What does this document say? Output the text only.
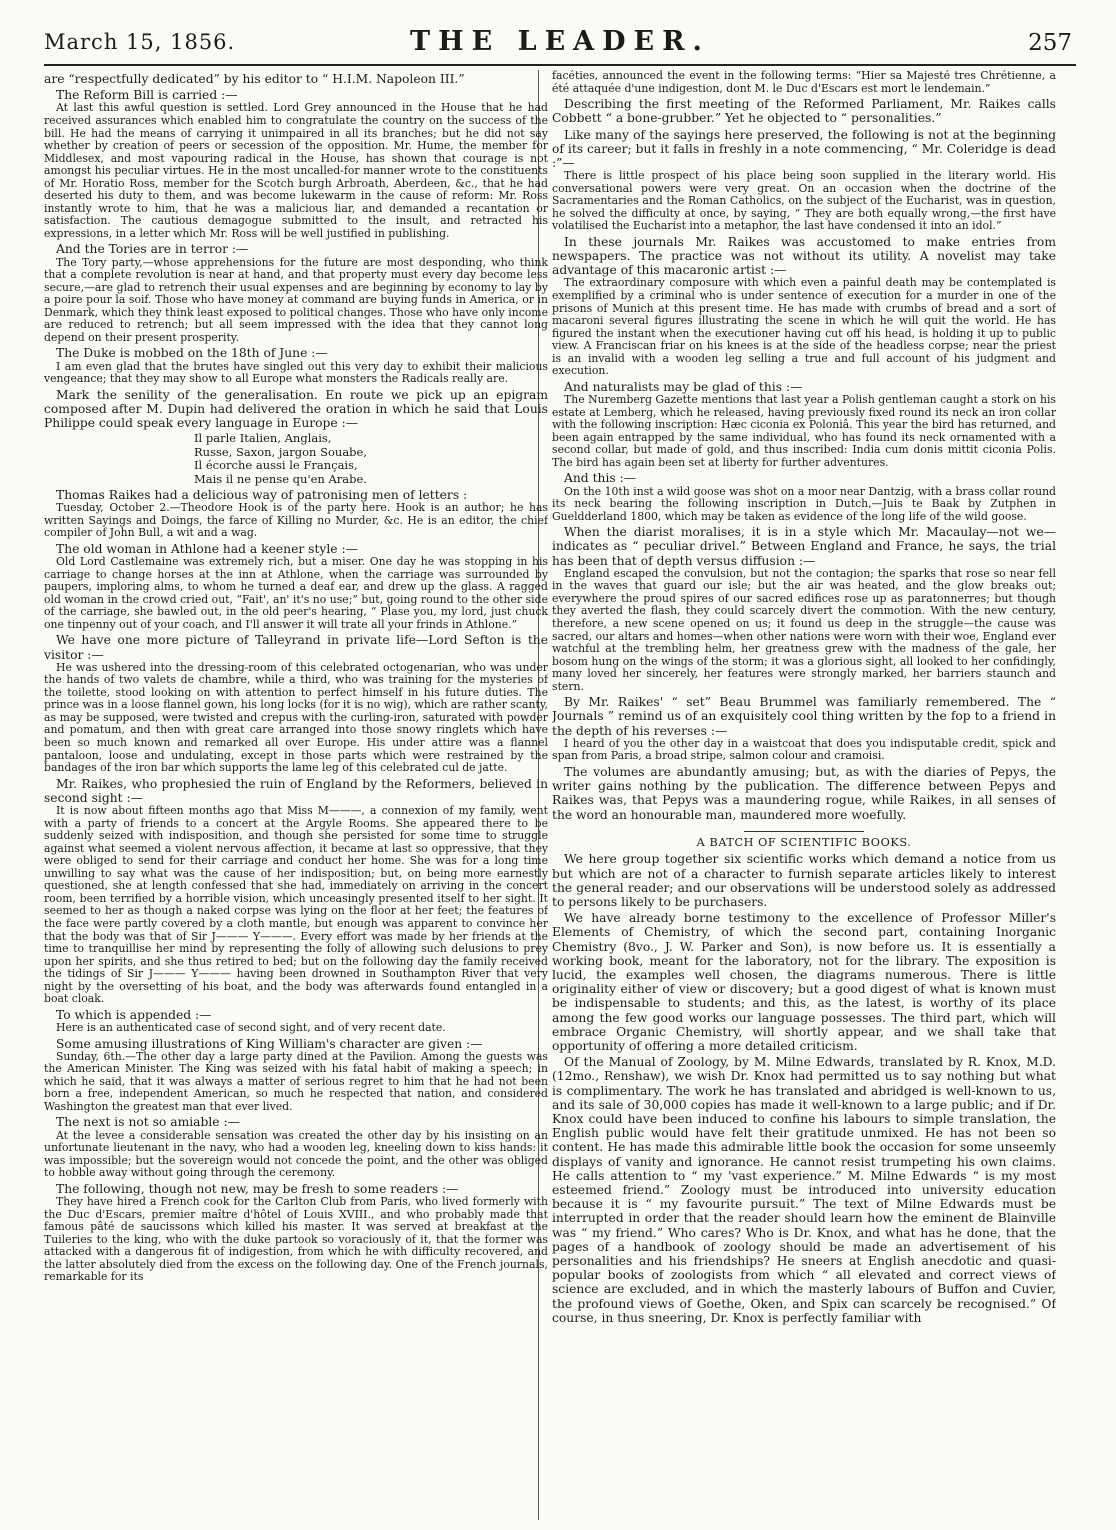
March 15, 1856.	THE LEADER.	257

are “respectfully dedicated” by his editor to “ H.I.M. Napoleon III.”

The Reform Bill is carried :—

At last this awful question is settled. Lord Grey announced in the House that he had received assurances which enabled him to congratulate the country on the success of the bill. He had the means of carrying it unimpaired in all its branches; but he did not say whether by creation of peers or secession of the opposition. Mr. Hume, the member for Middlesex, and most vapouring radical in the House, has shown that courage is not amongst his peculiar virtues. He in the most uncalled-for manner wrote to the constituents of Mr. Horatio Ross, member for the Scotch burgh Arbroath, Aberdeen, &c., that he had deserted his duty to them, and was become lukewarm in the cause of reform: Mr. Ross instantly wrote to him, that he was a malicious liar, and demanded a recantation or satisfaction. The cautious demagogue submitted to the insult, and retracted his expressions, in a letter which Mr. Ross will be well justified in publishing.

And the Tories are in terror :—

The Tory party,—whose apprehensions for the future are most desponding, who think that a complete revolution is near at hand, and that property must every day become less secure,—are glad to retrench their usual expenses and are beginning by economy to lay by a poire pour la soif. Those who have money at command are buying funds in America, or in Denmark, which they think least exposed to political changes. Those who have only income are reduced to retrench; but all seem impressed with the idea that they cannot long depend on their present prosperity.

The Duke is mobbed on the 18th of June :—

I am even glad that the brutes have singled out this very day to exhibit their malicious vengeance; that they may show to all Europe what monsters the Radicals really are.

Mark the senility of the generalisation. En route we pick up an epigram composed after M. Dupin had delivered the oration in which he said that Louis Philippe could speak every language in Europe :—

Il parle Italien, Anglais,
Russe, Saxon, jargon Souabe,
Il écorche aussi le Français,
Mais il ne pense qu'en Arabe.

Thomas Raikes had a delicious way of patronising men of letters :

Tuesday, October 2.—Theodore Hook is of the party here. Hook is an author; he has written Sayings and Doings, the farce of Killing no Murder, &c. He is an editor, the chief compiler of John Bull, a wit and a wag.

The old woman in Athlone had a keener style :—

Old Lord Castlemaine was extremely rich, but a miser. One day he was stopping in his carriage to change horses at the inn at Athlone, when the carriage was surrounded by paupers, imploring alms, to whom he turned a deaf ear, and drew up the glass. A ragged old woman in the crowd cried out, “Fait', an' it's no use;” but, going round to the other side of the carriage, she bawled out, in the old peer's hearing, “ Plase you, my lord, just chuck one tinpenny out of your coach, and I'll answer it will trate all your frinds in Athlone.”

We have one more picture of Talleyrand in private life—Lord Sefton is the visitor :—

He was ushered into the dressing-room of this celebrated octogenarian, who was under the hands of two valets de chambre, while a third, who was training for the mysteries of the toilette, stood looking on with attention to perfect himself in his future duties. The prince was in a loose flannel gown, his long locks (for it is no wig), which are rather scanty, as may be supposed, were twisted and crepus with the curling-iron, saturated with powder and pomatum, and then with great care arranged into those snowy ringlets which have been so much known and remarked all over Europe. His under attire was a flannel pantaloon, loose and undulating, except in those parts which were restrained by the bandages of the iron bar which supports the lame leg of this celebrated cul de jatte.

Mr. Raikes, who prophesied the ruin of England by the Reformers, believed in second sight :—

It is now about fifteen months ago that Miss M———, a connexion of my family, went with a party of friends to a concert at the Argyle Rooms. She appeared there to be suddenly seized with indisposition, and though she persisted for some time to struggle against what seemed a violent nervous affection, it became at last so oppressive, that they were obliged to send for their carriage and conduct her home. She was for a long time unwilling to say what was the cause of her indisposition; but, on being more earnestly questioned, she at length confessed that she had, immediately on arriving in the concert room, been terrified by a horrible vision, which unceasingly presented itself to her sight. It seemed to her as though a naked corpse was lying on the floor at her feet; the features of the face were partly covered by a cloth mantle, but enough was apparent to convince her that the body was that of Sir J——— Y———. Every effort was made by her friends at the time to tranquillise her mind by representing the folly of allowing such delusions to prey upon her spirits, and she thus retired to bed; but on the following day the family received the tidings of Sir J——— Y——— having been drowned in Southampton River that very night by the oversetting of his boat, and the body was afterwards found entangled in a boat cloak.

To which is appended :—

Here is an authenticated case of second sight, and of very recent date.

Some amusing illustrations of King William's character are given :—

Sunday, 6th.—The other day a large party dined at the Pavilion. Among the guests was the American Minister. The King was seized with his fatal habit of making a speech; in which he said, that it was always a matter of serious regret to him that he had not been born a free, independent American, so much he respected that nation, and considered Washington the greatest man that ever lived.

The next is not so amiable :—

At the levee a considerable sensation was created the other day by his insisting on an unfortunate lieutenant in the navy, who had a wooden leg, kneeling down to kiss hands: it was impossible; but the sovereign would not concede the point, and the other was obliged to hobble away without going through the ceremony.

The following, though not new, may be fresh to some readers :—

They have hired a French cook for the Carlton Club from Paris, who lived formerly with the Duc d'Escars, premier maître d'hôtel of Louis XVIII., and who probably made that famous pâté de saucissons which killed his master. It was served at breakfast at the Tuileries to the king, who with the duke partook so voraciously of it, that the former was attacked with a dangerous fit of indigestion, from which he with difficulty recovered, and the latter absolutely died from the excess on the following day. One of the French journals, remarkable for its

facéties, announced the event in the following terms: “Hier sa Majesté tres Chrétienne, a été attaquée d'une indigestion, dont M. le Duc d'Escars est mort le lendemain.”

Describing the first meeting of the Reformed Parliament, Mr. Raikes calls Cobbett “ a bone-grubber.” Yet he objected to “ personalities.”

Like many of the sayings here preserved, the following is not at the beginning of its career; but it falls in freshly in a note commencing, “ Mr. Coleridge is dead :”—

There is little prospect of his place being soon supplied in the literary world. His conversational powers were very great. On an occasion when the doctrine of the Sacramentaries and the Roman Catholics, on the subject of the Eucharist, was in question, he solved the difficulty at once, by saying, “ They are both equally wrong,—the first have volatilised the Eucharist into a metaphor, the last have condensed it into an idol.”

In these journals Mr. Raikes was accustomed to make entries from newspapers. The practice was not without its utility. A novelist may take advantage of this macaronic artist :—

The extraordinary composure with which even a painful death may be contemplated is exemplified by a criminal who is under sentence of execution for a murder in one of the prisons of Munich at this present time. He has made with crumbs of bread and a sort of macaroni several figures illustrating the scene in which he will quit the world. He has figured the instant when the executioner having cut off his head, is holding it up to public view. A Franciscan friar on his knees is at the side of the headless corpse; near the priest is an invalid with a wooden leg selling a true and full account of his judgment and execution.

And naturalists may be glad of this :—

The Nuremberg Gazette mentions that last year a Polish gentleman caught a stork on his estate at Lemberg, which he released, having previously fixed round its neck an iron collar with the following inscription: Hæc ciconia ex Poloniâ. This year the bird has returned, and been again entrapped by the same individual, who has found its neck ornamented with a second collar, but made of gold, and thus inscribed: India cum donis mittit ciconia Polis. The bird has again been set at liberty for further adventures.

And this :—

On the 10th inst a wild goose was shot on a moor near Dantzig, with a brass collar round its neck bearing the following inscription in Dutch,—Juis te Baak by Zutphen in Gueldderland 1800, which may be taken as evidence of the long life of the wild goose.

When the diarist moralises, it is in a style which Mr. Macaulay—not we—indicates as “ peculiar drivel.” Between England and France, he says, the trial has been that of depth versus diffusion :—

England escaped the convulsion, but not the contagion; the sparks that rose so near fell in the waves that guard our isle; but the air was heated, and the glow breaks out; everywhere the proud spires of our sacred edifices rose up as paratonnerres; but though they averted the flash, they could scarcely divert the commotion. With the new century, therefore, a new scene opened on us; it found us deep in the struggle—the cause was sacred, our altars and homes—when other nations were worn with their woe, England ever watchful at the trembling helm, her greatness grew with the madness of the gale, her bosom hung on the wings of the storm; it was a glorious sight, all looked to her confidingly, many loved her sincerely, her features were strongly marked, her barriers staunch and stern.

By Mr. Raikes' “ set” Beau Brummel was familiarly remembered. The “ Journals ” remind us of an exquisitely cool thing written by the fop to a friend in the depth of his reverses :—

I heard of you the other day in a waistcoat that does you indisputable credit, spick and span from Paris, a broad stripe, salmon colour and cramoisi.

The volumes are abundantly amusing; but, as with the diaries of Pepys, the writer gains nothing by the publication. The difference between Pepys and Raikes was, that Pepys was a maundering rogue, while Raikes, in all senses of the word an honourable man, maundered more woefully.

A BATCH OF SCIENTIFIC BOOKS.

We here group together six scientific works which demand a notice from us but which are not of a character to furnish separate articles likely to interest the general reader; and our observations will be understood solely as addressed to persons likely to be purchasers.

We have already borne testimony to the excellence of Professor Miller's Elements of Chemistry, of which the second part, containing Inorganic Chemistry (8vo., J. W. Parker and Son), is now before us. It is essentially a working book, meant for the laboratory, not for the library. The exposition is lucid, the examples well chosen, the diagrams numerous. There is little originality either of view or discovery; but a good digest of what is known must be indispensable to students; and this, as the latest, is worthy of its place among the few good works our language possesses. The third part, which will embrace Organic Chemistry, will shortly appear, and we shall take that opportunity of offering a more detailed criticism.

Of the Manual of Zoology, by M. Milne Edwards, translated by R. Knox, M.D. (12mo., Renshaw), we wish Dr. Knox had permitted us to say nothing but what is complimentary. The work he has translated and abridged is well-known to us, and its sale of 30,000 copies has made it well-known to a large public; and if Dr. Knox could have been induced to confine his labours to simple translation, the English public would have felt their gratitude unmixed. He has not been so content. He has made this admirable little book the occasion for some unseemly displays of vanity and ignorance. He cannot resist trumpeting his own claims. He calls attention to “ my 'vast experience.” M. Milne Edwards “ is my most esteemed friend.” Zoology must be introduced into university education because it is “ my favourite pursuit.” The text of Milne Edwards must be interrupted in order that the reader should learn how the eminent de Blainville was “ my friend.” Who cares? Who is Dr. Knox, and what has he done, that the pages of a handbook of zoology should be made an advertisement of his personalities and his friendships? He sneers at English anecdotic and quasi-popular books of zoologists from which “ all elevated and correct views of science are excluded, and in which the masterly labours of Buffon and Cuvier, the profound views of Goethe, Oken, and Spix can scarcely be recognised.” Of course, in thus sneering, Dr. Knox is perfectly familiar with
